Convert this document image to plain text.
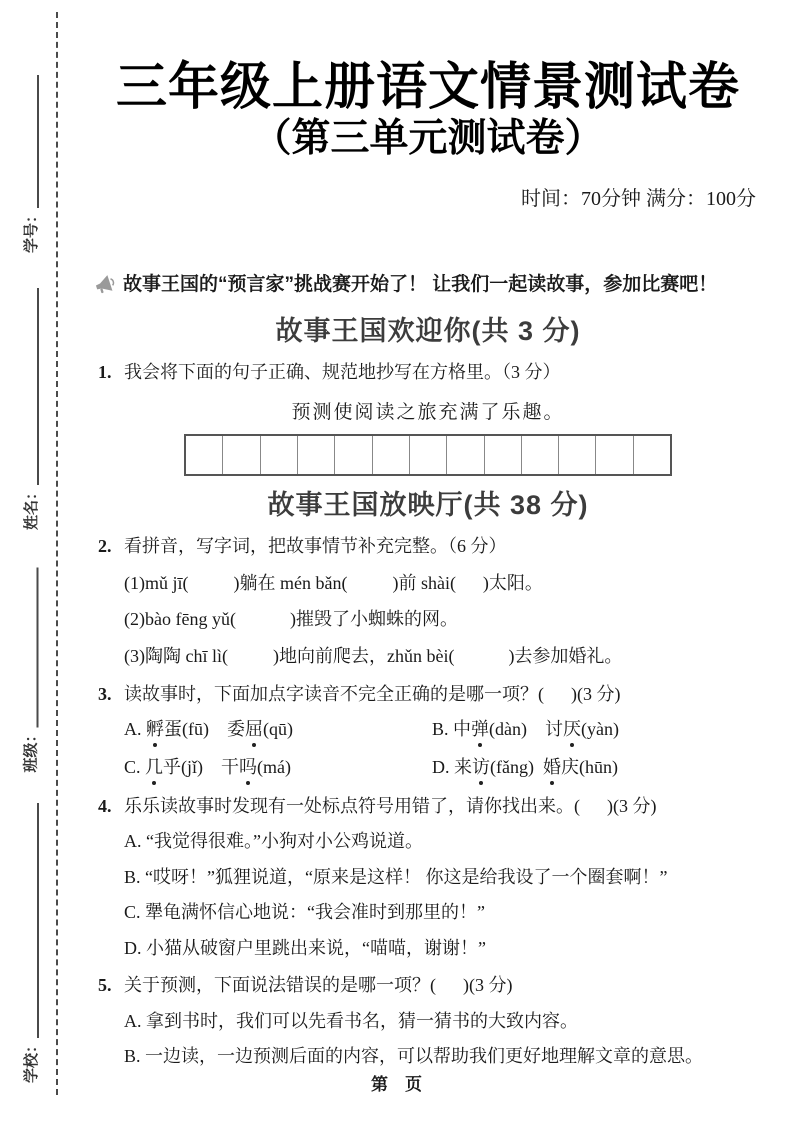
学号：
姓名：
班级：
学校：
三年级上册语文情景测试卷
（第三单元测试卷）
时间：70分钟 满分：100分
故事王国的“预言家”挑战赛开始了！ 让我们一起读故事，参加比赛吧！
故事王国欢迎你(共 3 分)
1. 我会将下面的句子正确、规范地抄写在方格里。（3 分）
预测使阅读之旅充满了乐趣。
故事王国放映厅(共 38 分)
2. 看拼音，写字词，把故事情节补充完整。（6 分）
(1)mǔ jī(          )躺在 mén bǎn(          )前 shài(      )太阳。
(2)bào fēng yǔ(            )摧毁了小蜘蛛的网。
(3)陶陶 chī lì(          )地向前爬去，zhǔn bèi(            )去参加婚礼。
3. 读故事时，下面加点字读音不完全正确的是哪一项？(      )(3 分)
A. 孵蛋(fū)    委屈(qū)	B. 中弹(dàn)    讨厌(yàn)
C. 几乎(jǐ)    干吗(má)	D. 来访(fǎng)  婚庆(hūn)
4. 乐乐读故事时发现有一处标点符号用错了，请你找出来。(      )(3 分)
A. “我觉得很难。”小狗对小公鸡说道。
B. “哎呀！”狐狸说道，“原来是这样！ 你这是给我设了一个圈套啊！”
C. 犟龟满怀信心地说：“我会准时到那里的！”
D. 小猫从破窗户里跳出来说，“喵喵，谢谢！”
5. 关于预测，下面说法错误的是哪一项？(      )(3 分)
A. 拿到书时，我们可以先看书名，猜一猜书的大致内容。
B. 一边读，一边预测后面的内容，可以帮助我们更好地理解文章的意思。
第    页
